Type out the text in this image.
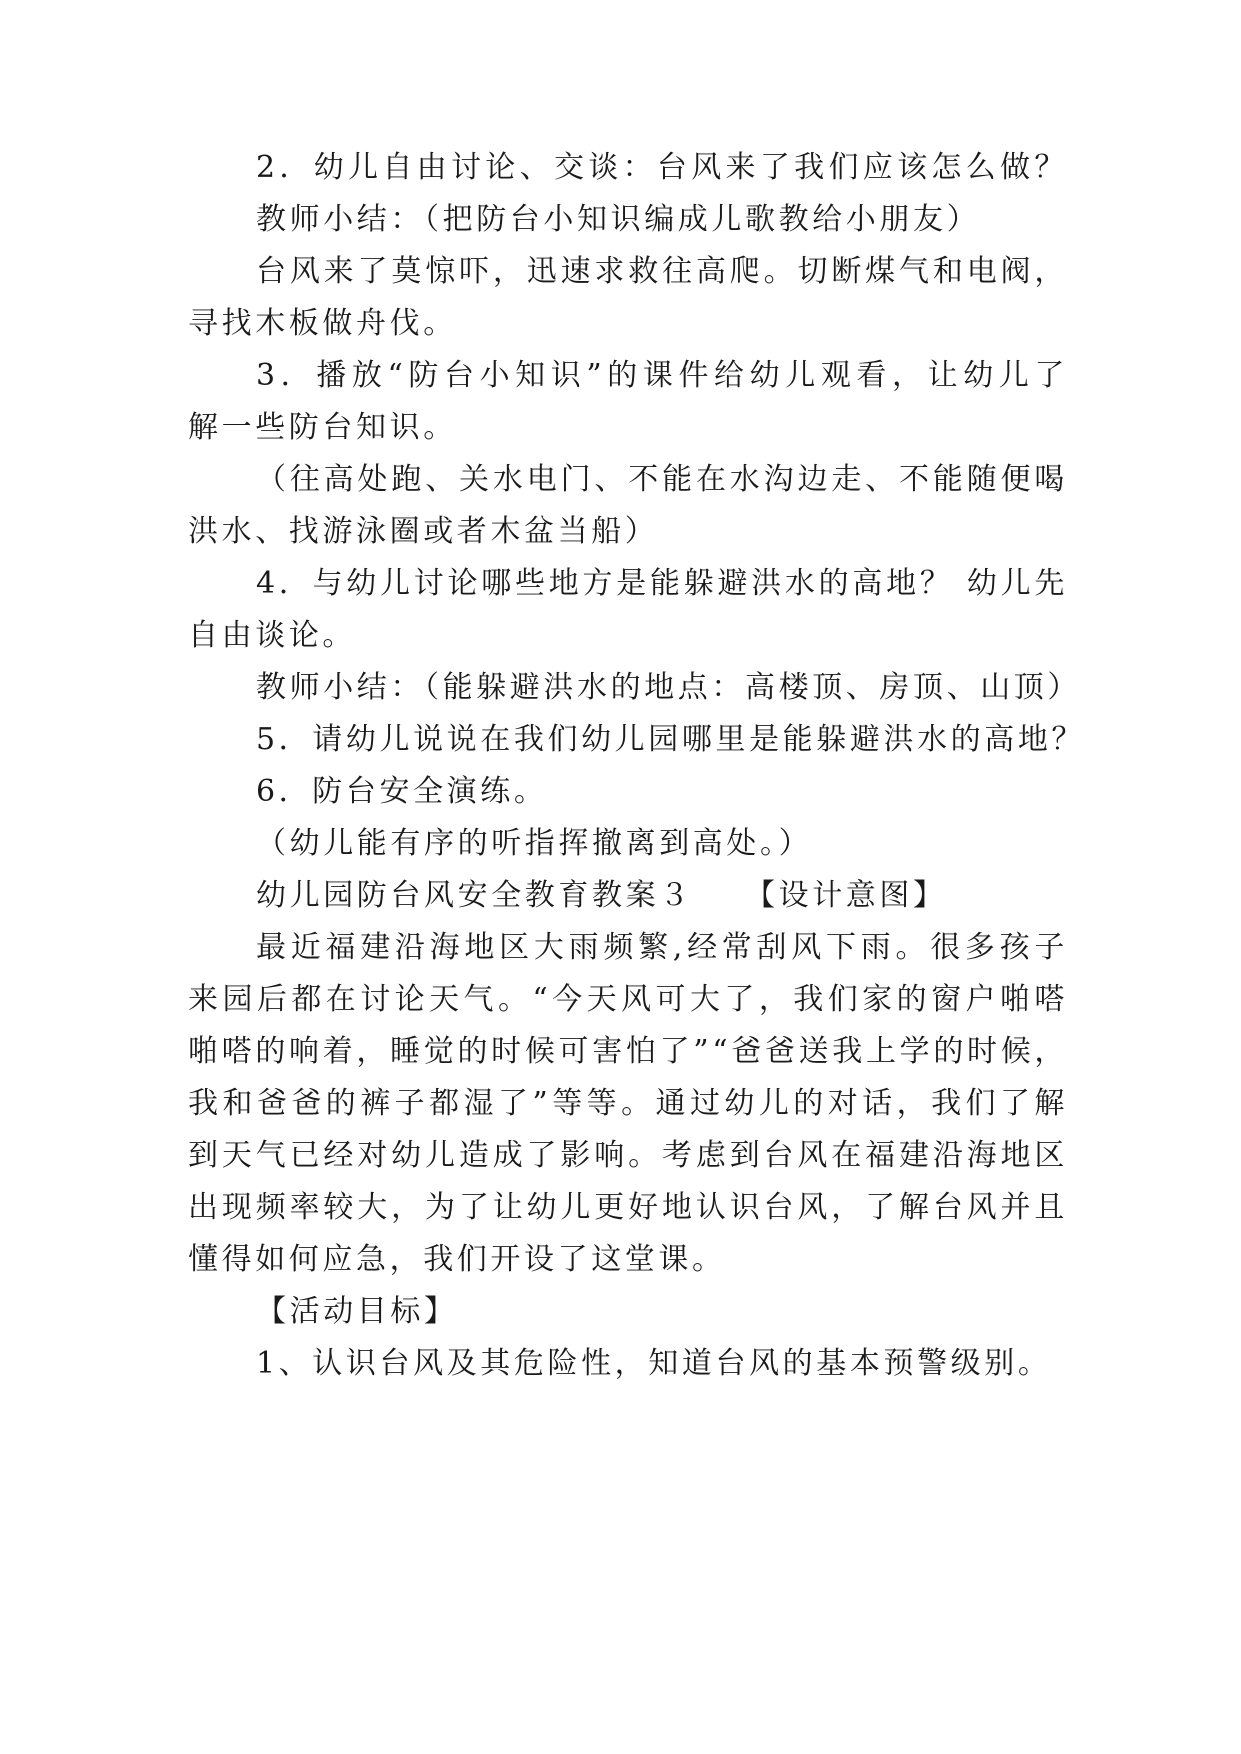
2．幼儿自由讨论、交谈：台风来了我们应该怎么做？
教师小结：（把防台小知识编成儿歌教给小朋友）
台风来了莫惊吓，迅速求救往高爬。切断煤气和电阀，
寻找木板做舟伐。
3．播放“防台小知识”的课件给幼儿观看，让幼儿了
解一些防台知识。
（往高处跑、关水电门、不能在水沟边走、不能随便喝
洪水、找游泳圈或者木盆当船）
4．与幼儿讨论哪些地方是能躲避洪水的高地？ 幼儿先
自由谈论。
教师小结：（能躲避洪水的地点：高楼顶、房顶、山顶）
5．请幼儿说说在我们幼儿园哪里是能躲避洪水的高地？
6．防台安全演练。
（幼儿能有序的听指挥撤离到高处。）
幼儿园防台风安全教育教案３　　【设计意图】
最近福建沿海地区大雨频繁,经常刮风下雨。很多孩子
来园后都在讨论天气。“今天风可大了，我们家的窗户啪嗒
啪嗒的响着，睡觉的时候可害怕了”“爸爸送我上学的时候，
我和爸爸的裤子都湿了”等等。通过幼儿的对话，我们了解
到天气已经对幼儿造成了影响。考虑到台风在福建沿海地区
出现频率较大，为了让幼儿更好地认识台风，了解台风并且
懂得如何应急，我们开设了这堂课。
【活动目标】
1、认识台风及其危险性，知道台风的基本预警级别。
